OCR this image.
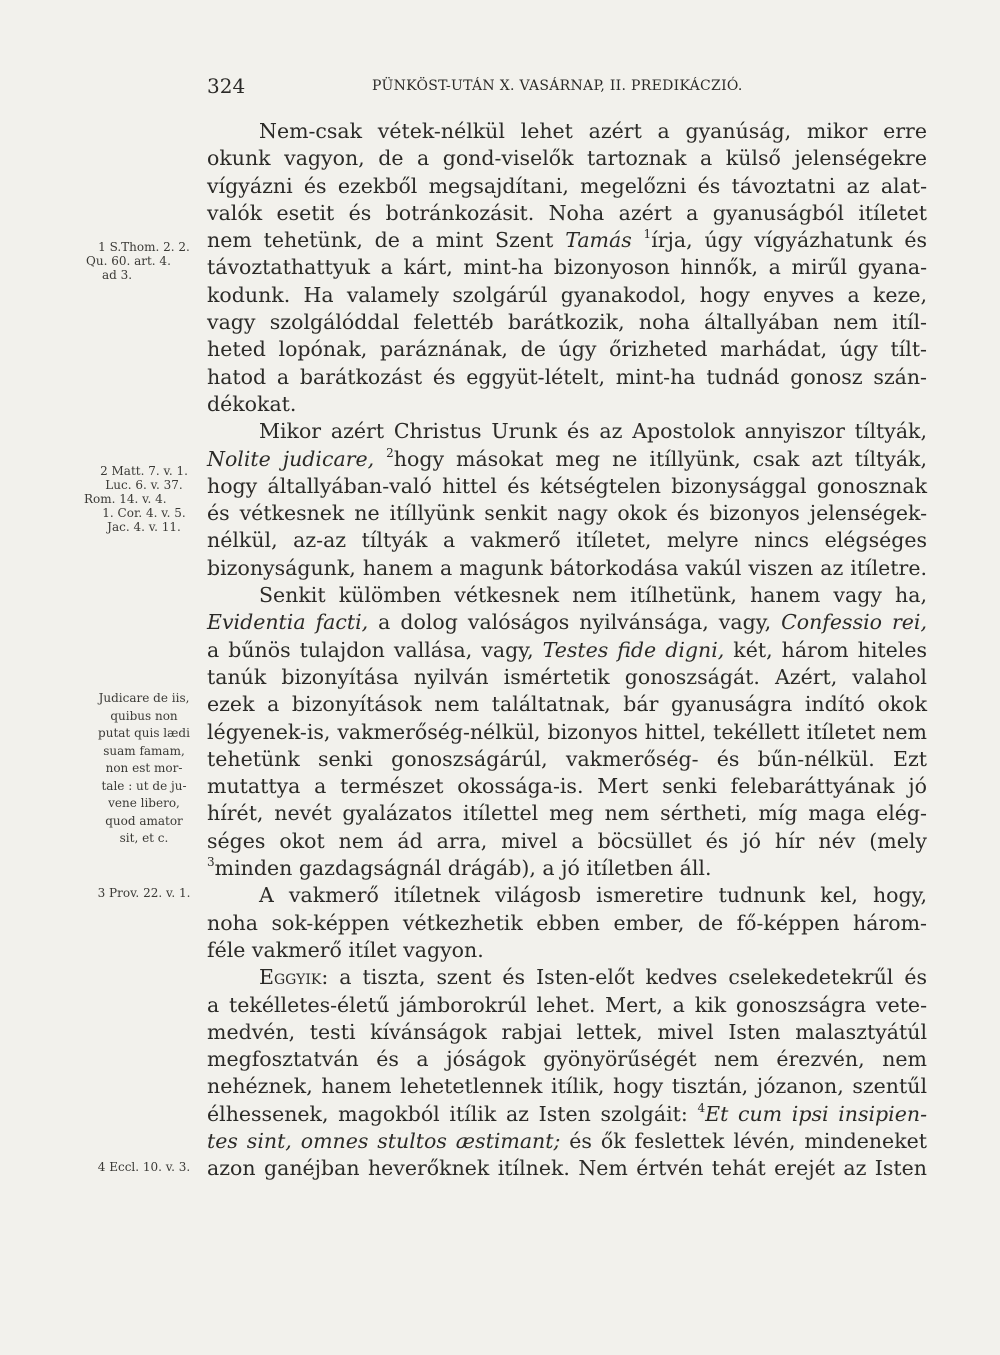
324	PÜNKÖST-UTÁN X. VASÁRNAP, II. PREDIKÁCZIÓ.
1 S.Thom. 2. 2.
Qu. 60. art. 4.
ad 3.
2 Matt. 7. v. 1.
Luc. 6. v. 37.
Rom. 14. v. 4.
1. Cor. 4. v. 5.
Jac. 4. v. 11.
Judicare de iis,
quibus non
putat quis lædi
suam famam,
non est mor-
tale : ut de ju-
vene libero,
quod amator
sit, et c.
3 Prov. 22. v. 1.
4 Eccl. 10. v. 3.
Nem-csak vétek-nélkül lehet azért a gyanúság, mikor erre
okunk vagyon, de a gond-viselők tartoznak a külső jelenségekre
vígyázni és ezekből megsajdítani, megelőzni és távoztatni az alat-
valók esetit és botránkozásit. Noha azért a gyanuságból itíletet
nem tehetünk, de a mint Szent Tamás $^1$írja, úgy vígyázhatunk és
távoztathattyuk a kárt, mint-ha bizonyoson hinnők, a mirűl gyana-
kodunk. Ha valamely szolgárúl gyanakodol, hogy enyves a keze,
vagy szolgálóddal felettéb barátkozik, noha általlyában nem itíl-
heted lopónak, paráznának, de úgy őrizheted marhádat, úgy tílt-
hatod a barátkozást és eggyüt-lételt, mint-ha tudnád gonosz szán-
dékokat.
Mikor azért Christus Urunk és az Apostolok annyiszor tíltyák,
Nolite judicare, $^2$hogy másokat meg ne itíllyünk, csak azt tíltyák,
hogy általlyában-való hittel és kétségtelen bizonysággal gonosznak
és vétkesnek ne itíllyünk senkit nagy okok és bizonyos jelenségek-
nélkül, az-az tíltyák a vakmerő itíletet, melyre nincs elégséges
bizonyságunk, hanem a magunk bátorkodása vakúl viszen az itíletre.
Senkit külömben vétkesnek nem itílhetünk, hanem vagy ha,
Evidentia facti, a dolog valóságos nyilvánsága, vagy, Confessio rei,
a bűnös tulajdon vallása, vagy, Testes fide digni, két, három hiteles
tanúk bizonyítása nyilván ismértetik gonoszságát. Azért, valahol
ezek a bizonyítások nem találtatnak, bár gyanuságra indító okok
légyenek-is, vakmerőség-nélkül, bizonyos hittel, tekéllett itíletet nem
tehetünk senki gonoszságárúl, vakmerőség- és bűn-nélkül. Ezt
mutattya a természet okossága-is. Mert senki felebaráttyának jó
hírét, nevét gyalázatos itílettel meg nem sértheti, míg maga elég-
séges okot nem ád arra, mivel a böcsüllet és jó hír név (mely
$^3$minden gazdagságnál drágáb), a jó itíletben áll.
A vakmerő itíletnek világosb ismeretire tudnunk kel, hogy,
noha sok-képpen vétkezhetik ebben ember, de fő-képpen három-
féle vakmerő itílet vagyon.
Eggyik: a tiszta, szent és Isten-előt kedves cselekedetekrűl és
a tekélletes-életű jámborokrúl lehet. Mert, a kik gonoszságra vete-
medvén, testi kívánságok rabjai lettek, mivel Isten malasztyátúl
megfosztatván és a jóságok gyönyörűségét nem érezvén, nem
nehéznek, hanem lehetetlennek itílik, hogy tisztán, józanon, szentűl
élhessenek, magokból itílik az Isten szolgáit: $^4$Et cum ipsi insipien-
tes sint, omnes stultos æstimant; és ők feslettek lévén, mindeneket
azon ganéjban heverőknek itílnek. Nem értvén tehát erejét az Isten
